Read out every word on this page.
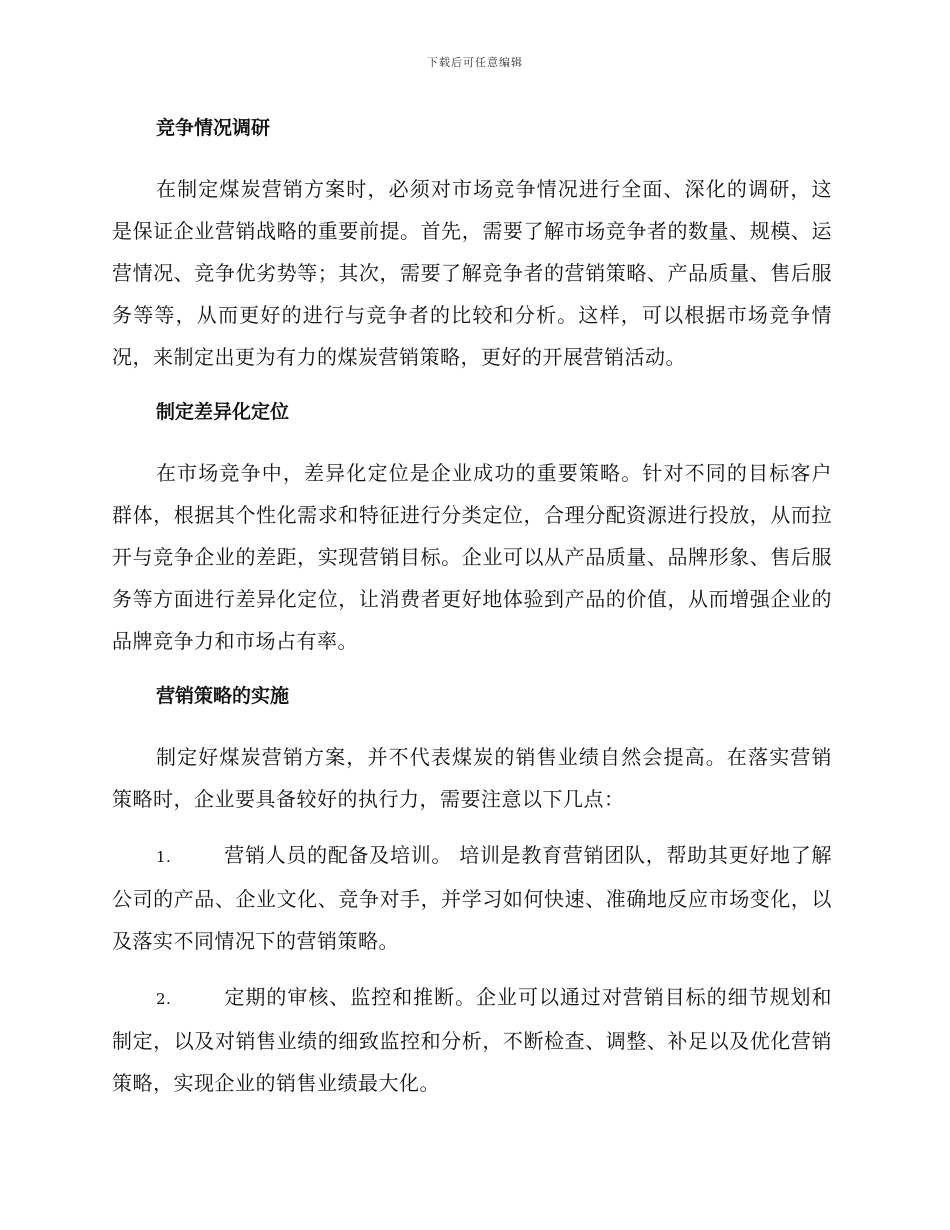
下载后可任意编辑
竞争情况调研

在制定煤炭营销方案时，必须对市场竞争情况进行全面、深化的调研，这是保证企业营销战略的重要前提。首先，需要了解市场竞争者的数量、规模、运营情况、竞争优劣势等；其次，需要了解竞争者的营销策略、产品质量、售后服务等等，从而更好的进行与竞争者的比较和分析。这样，可以根据市场竞争情况，来制定出更为有力的煤炭营销策略，更好的开展营销活动。

制定差异化定位

在市场竞争中，差异化定位是企业成功的重要策略。针对不同的目标客户群体，根据其个性化需求和特征进行分类定位，合理分配资源进行投放，从而拉开与竞争企业的差距，实现营销目标。企业可以从产品质量、品牌形象、售后服务等方面进行差异化定位，让消费者更好地体验到产品的价值，从而增强企业的品牌竞争力和市场占有率。

营销策略的实施

制定好煤炭营销方案，并不代表煤炭的销售业绩自然会提高。在落实营销策略时，企业要具备较好的执行力，需要注意以下几点：

1.	营销人员的配备及培训。 培训是教育营销团队，帮助其更好地了解公司的产品、企业文化、竞争对手，并学习如何快速、准确地反应市场变化，以及落实不同情况下的营销策略。

2.	定期的审核、监控和推断。企业可以通过对营销目标的细节规划和制定，以及对销售业绩的细致监控和分析，不断检查、调整、补足以及优化营销策略，实现企业的销售业绩最大化。
